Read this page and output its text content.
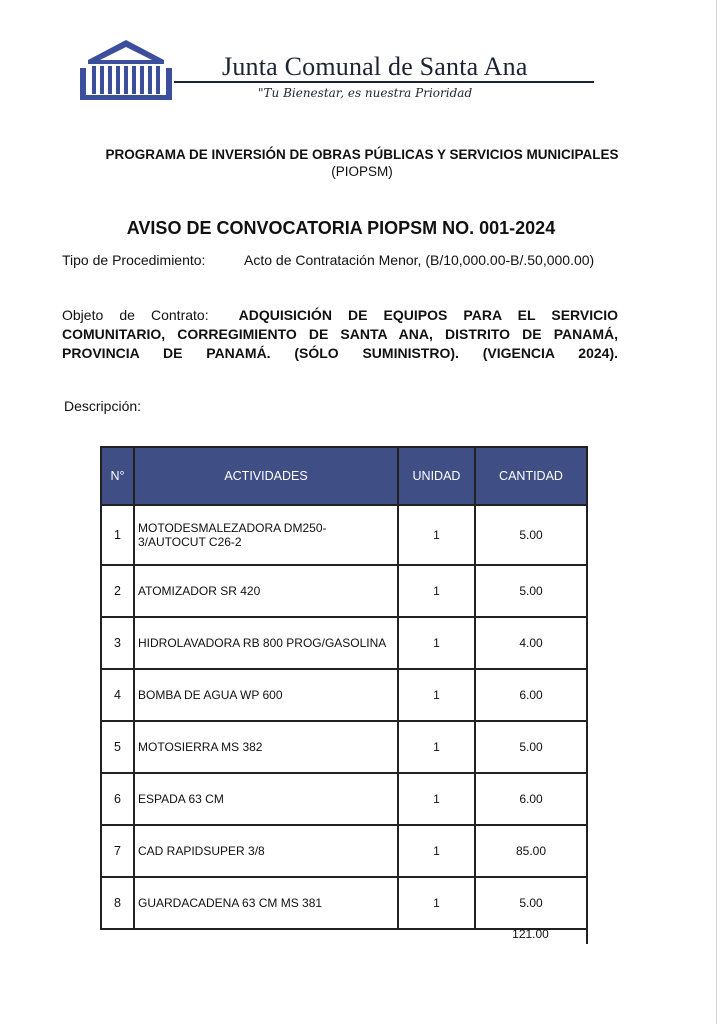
Junta Comunal de Santa Ana
"Tu Bienestar, es nuestra Prioridad
PROGRAMA DE INVERSIÓN DE OBRAS PÚBLICAS Y SERVICIOS MUNICIPALES
(PIOPSM)
AVISO DE CONVOCATORIA PIOPSM NO. 001-2024
Tipo de Procedimiento:	Acto de Contratación Menor, (B/10,000.00-B/.50,000.00)
Objeto de Contrato: ADQUISICIÓN DE EQUIPOS PARA EL SERVICIO
COMUNITARIO, CORREGIMIENTO DE SANTA ANA, DISTRITO DE PANAMÁ,
PROVINCIA DE PANAMÁ. (SÓLO SUMINISTRO). (VIGENCIA 2024).
Descripción:
N°	ACTIVIDADES	UNIDAD	CANTIDAD
1	MOTODESMALEZADORA DM250-3/AUTOCUT C26-2	1	5.00
2	ATOMIZADOR SR 420	1	5.00
3	HIDROLAVADORA RB 800 PROG/GASOLINA	1	4.00
4	BOMBA DE AGUA WP 600	1	6.00
5	MOTOSIERRA MS 382	1	5.00
6	ESPADA 63 CM	1	6.00
7	CAD RAPIDSUPER 3/8	1	85.00
8	GUARDACADENA 63 CM MS 381	1	5.00
121.00
